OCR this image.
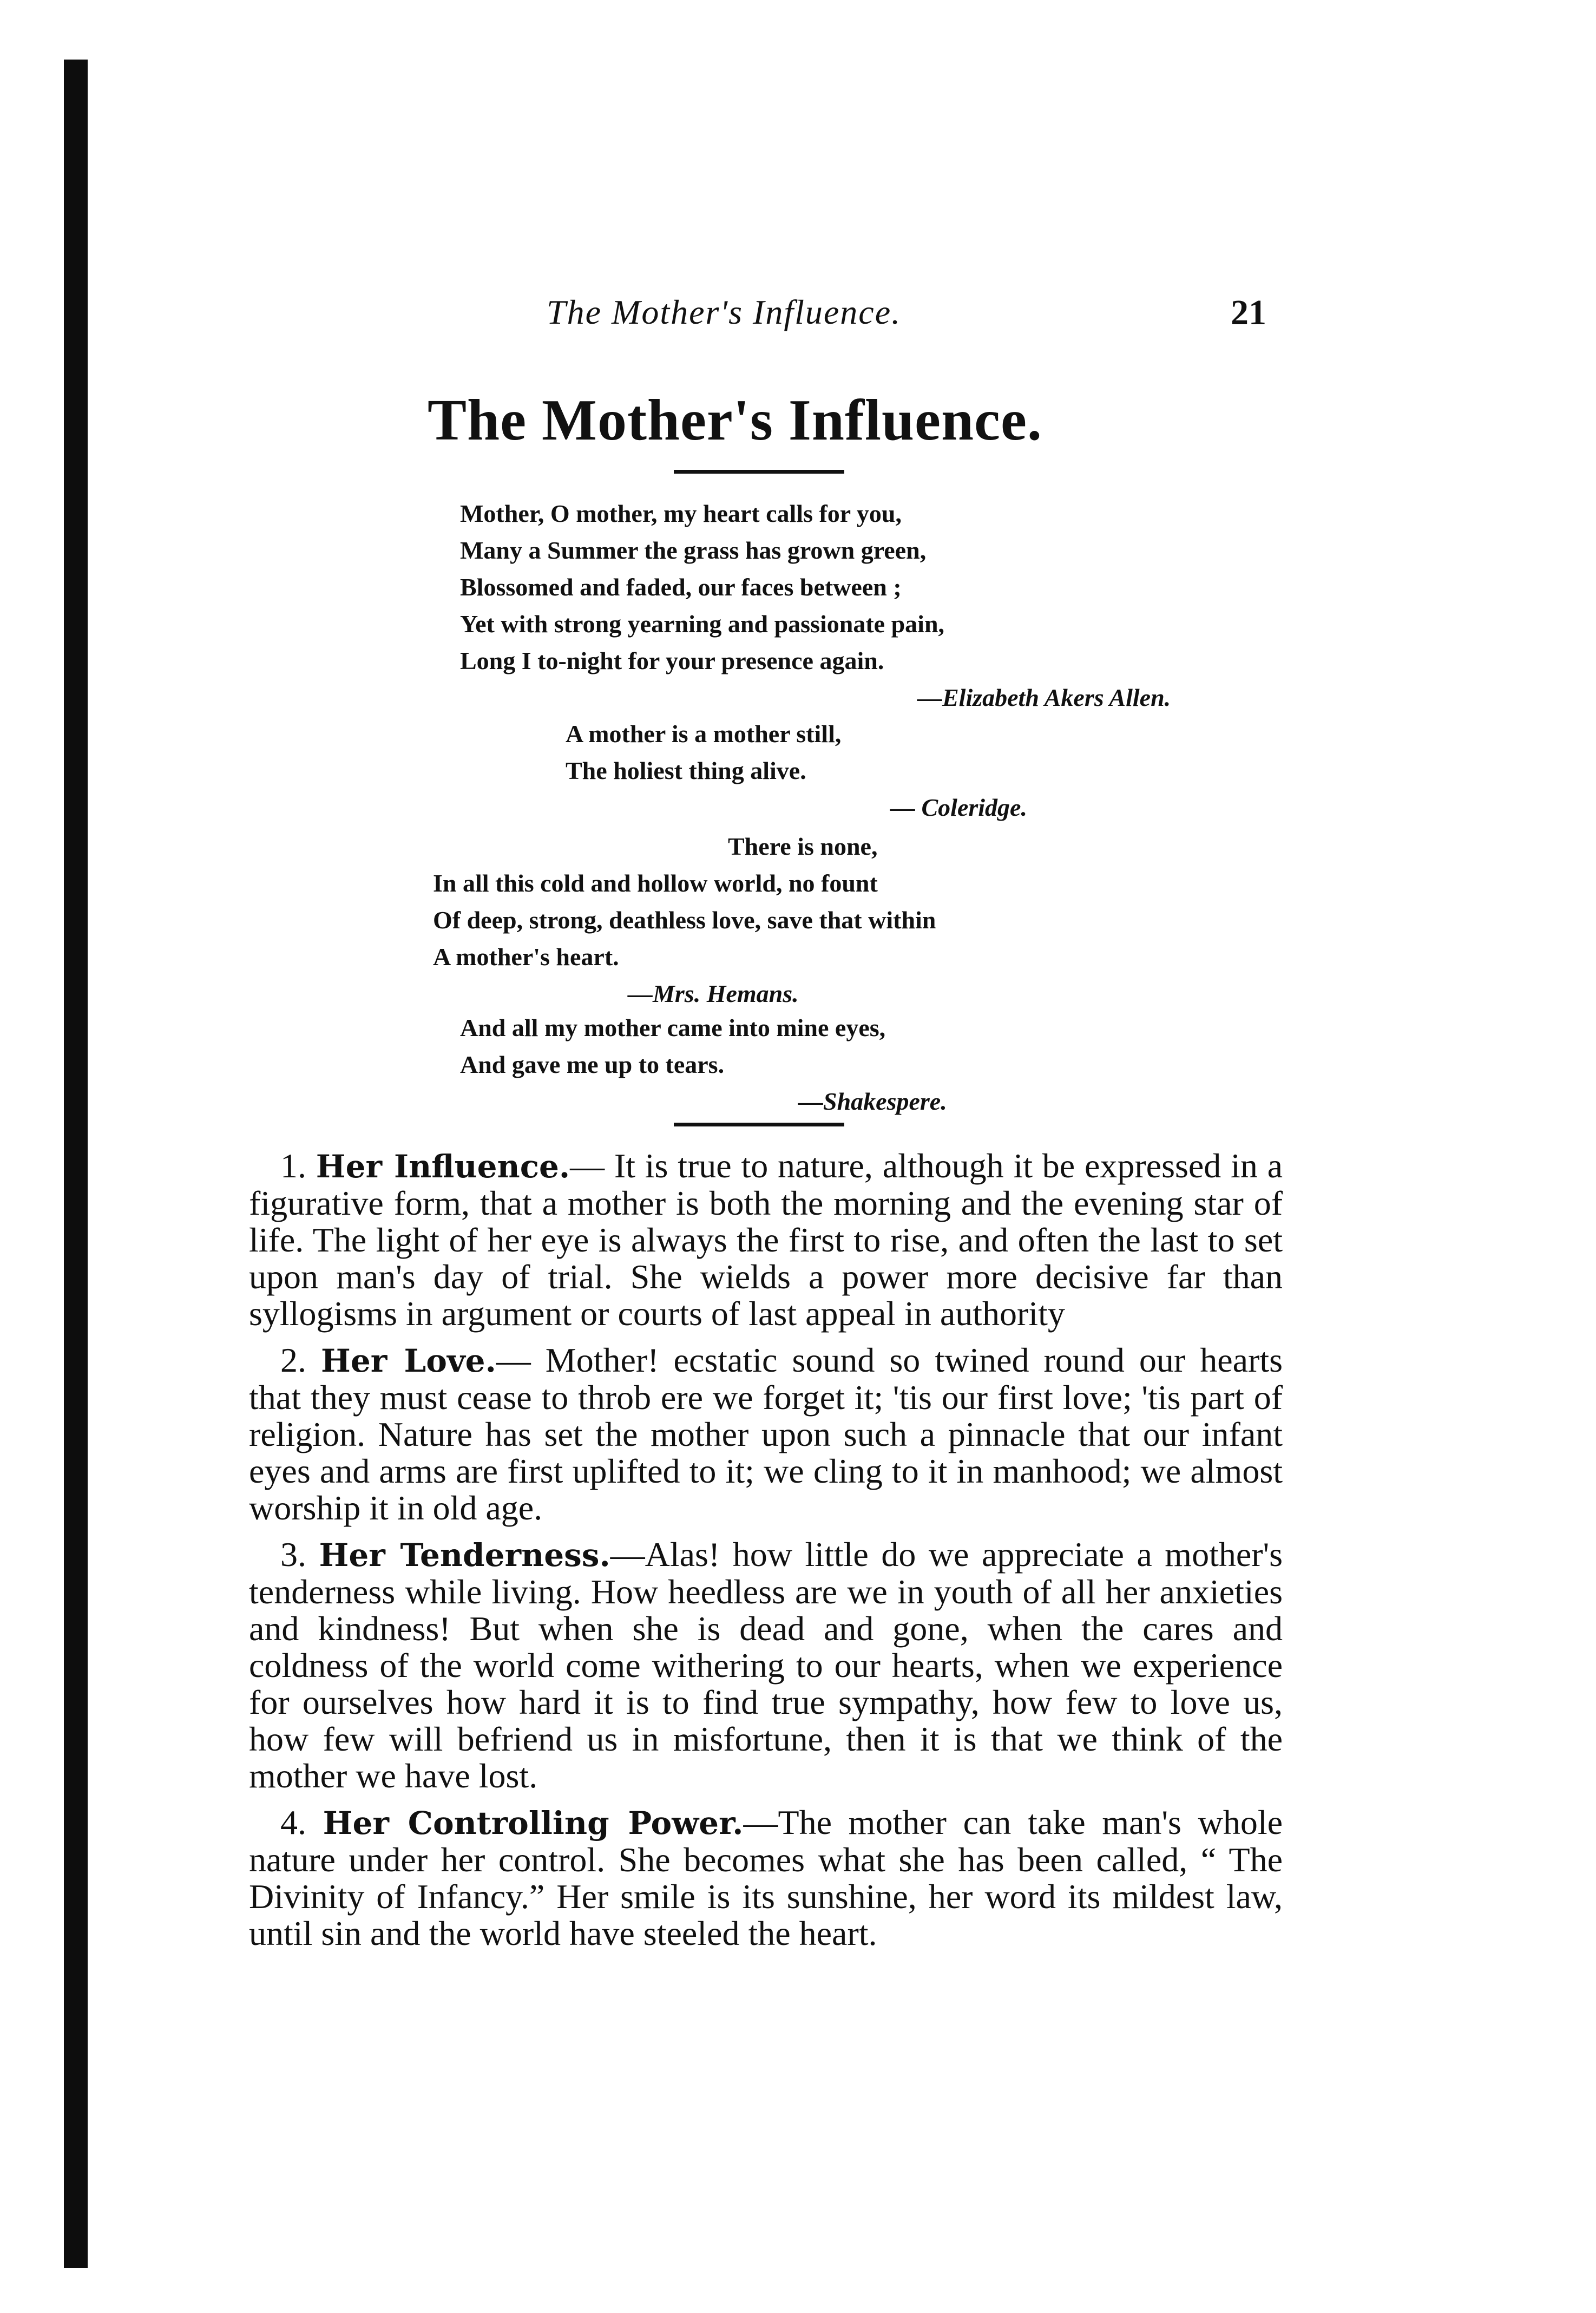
The Mother's Influence.	21
The Mother's Influence.
Mother, O mother, my heart calls for you,
Many a Summer the grass has grown green,
Blossomed and faded, our faces between ;
Yet with strong yearning and passionate pain,
Long I to-night for your presence again.
—Elizabeth Akers Allen.
A mother is a mother still,
The holiest thing alive.
— Coleridge.
There is none,
In all this cold and hollow world, no fount
Of deep, strong, deathless love, save that within
A mother's heart.
—Mrs. Hemans.
And all my mother came into mine eyes,
And gave me up to tears.
—Shakespere.

1. Her Influence.— It is true to nature, although it be expressed in a figurative form, that a mother is both the morning and the evening star of life. The light of her eye is always the first to rise, and often the last to set upon man's day of trial. She wields a power more decisive far than syllogisms in argument or courts of last appeal in authority

2. Her Love.— Mother! ecstatic sound so twined round our hearts that they must cease to throb ere we forget it; 'tis our first love; 'tis part of religion. Nature has set the mother upon such a pinnacle that our infant eyes and arms are first uplifted to it; we cling to it in manhood; we almost worship it in old age.

3. Her Tenderness.—Alas! how little do we appreciate a mother's tenderness while living. How heedless are we in youth of all her anxieties and kindness! But when she is dead and gone, when the cares and coldness of the world come withering to our hearts, when we experience for ourselves how hard it is to find true sympathy, how few to love us, how few will befriend us in misfortune, then it is that we think of the mother we have lost.

4. Her Controlling Power.—The mother can take man's whole nature under her control. She becomes what she has been called, “ The Divinity of Infancy.” Her smile is its sunshine, her word its mildest law, until sin and the world have steeled the heart.
